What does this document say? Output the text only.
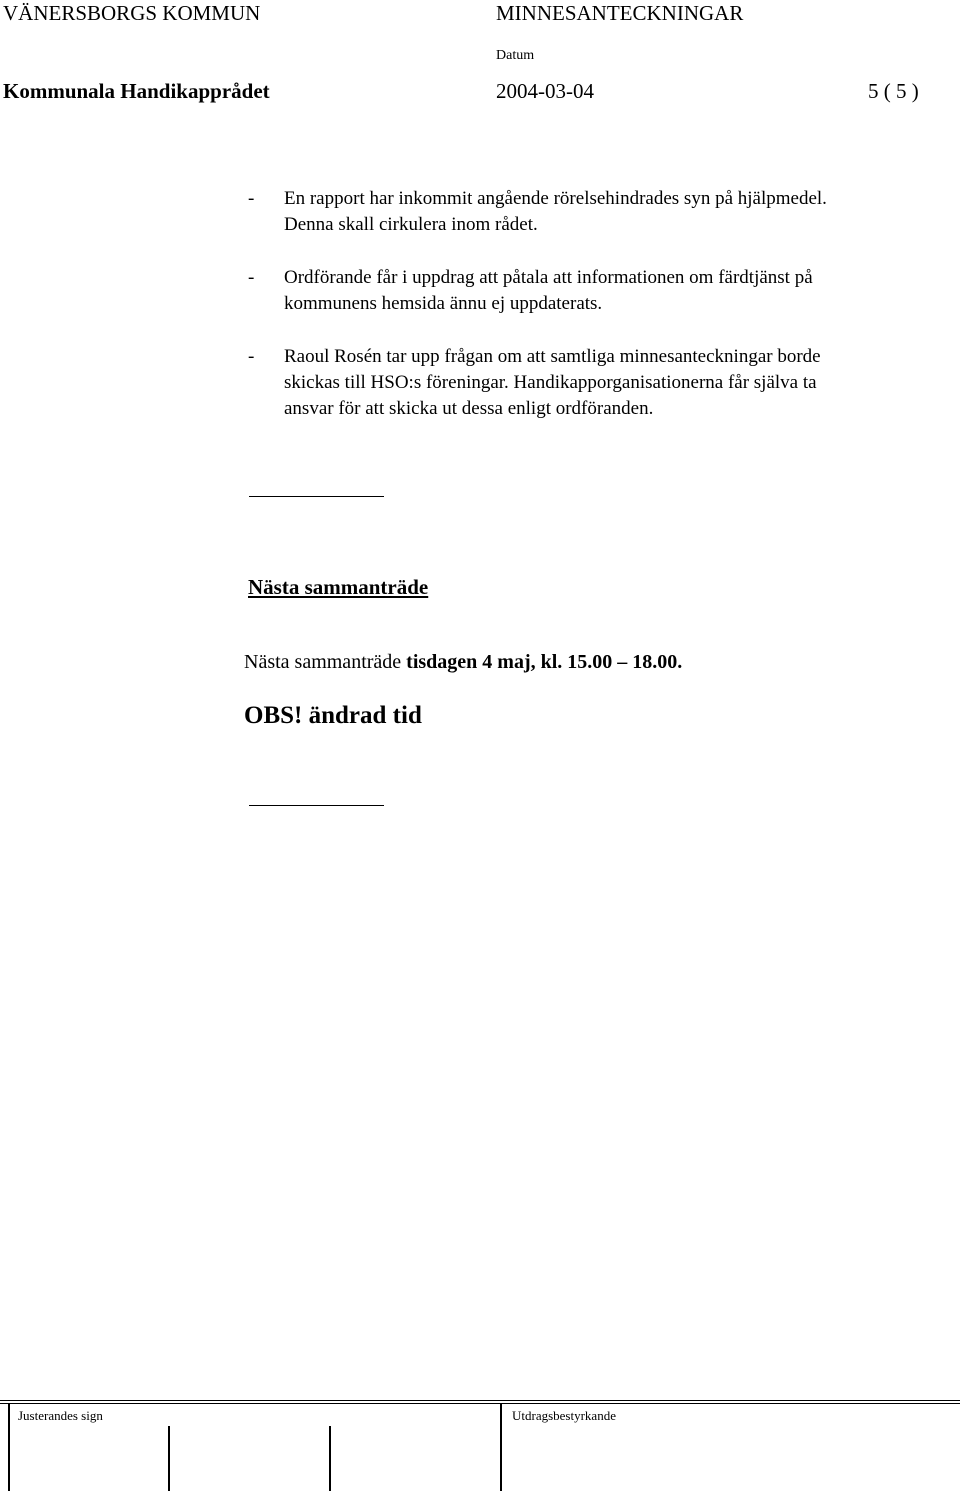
VÄNERSBORGS KOMMUN	MINNESANTECKNINGAR
Datum
Kommunala Handikapprådet	2004-03-04	5 ( 5 )
- En rapport har inkommit angående rörelsehindrades syn på hjälpmedel.
Denna skall cirkulera inom rådet.
- Ordförande får i uppdrag att påtala att informationen om färdtjänst på
kommunens hemsida ännu ej uppdaterats.
- Raoul Rosén tar upp frågan om att samtliga minnesanteckningar borde
skickas till HSO:s föreningar. Handikapporganisationerna får själva ta
ansvar för att skicka ut dessa enligt ordföranden.
Nästa sammanträde
Nästa sammanträde tisdagen 4 maj, kl. 15.00 – 18.00.
OBS! ändrad tid
Justerandes sign	Utdragsbestyrkande
